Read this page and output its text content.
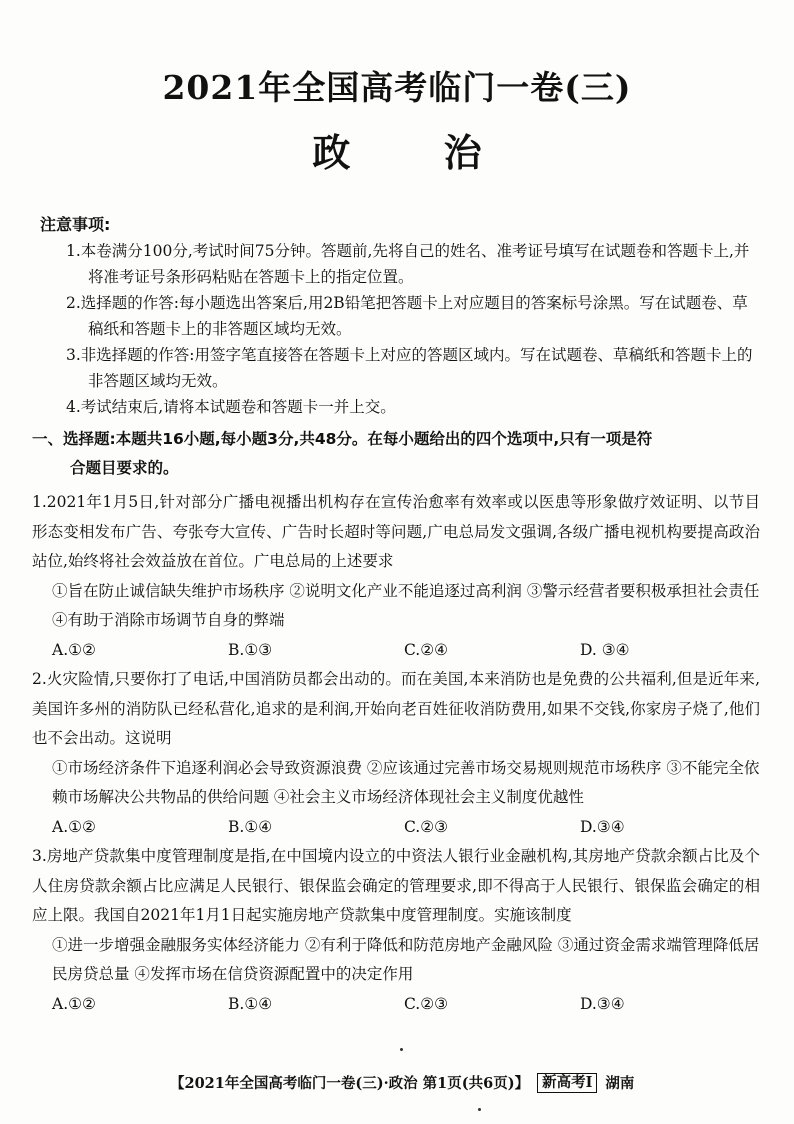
2021年全国高考临门一卷(三)
政 治
注意事项:
1.本卷满分100分,考试时间75分钟。答题前,先将自己的姓名、准考证号填写在试题卷和答题卡上,并将准考证号条形码粘贴在答题卡上的指定位置。
2.选择题的作答:每小题选出答案后,用2B铅笔把答题卡上对应题目的答案标号涂黑。写在试题卷、草稿纸和答题卡上的非答题区域均无效。
3.非选择题的作答:用签字笔直接答在答题卡上对应的答题区域内。写在试题卷、草稿纸和答题卡上的非答题区域均无效。
4.考试结束后,请将本试题卷和答题卡一并上交。
一、选择题:本题共16小题,每小题3分,共48分。在每小题给出的四个选项中,只有一项是符
合题目要求的。
1.2021年1月5日,针对部分广播电视播出机构存在宣传治愈率有效率或以医患等形象做疗效证明、以节目形态变相发布广告、夸张夸大宣传、广告时长超时等问题,广电总局发文强调,各级广播电视机构要提高政治站位,始终将社会效益放在首位。广电总局的上述要求
①旨在防止诚信缺失维护市场秩序 ②说明文化产业不能追逐过高利润 ③警示经营者要积极承担社会责任 ④有助于消除市场调节自身的弊端
A.①②	B.①③	C.②④	D. ③④
2.火灾险情,只要你打了电话,中国消防员都会出动的。而在美国,本来消防也是免费的公共福利,但是近年来,美国许多州的消防队已经私营化,追求的是利润,开始向老百姓征收消防费用,如果不交钱,你家房子烧了,他们也不会出动。这说明
①市场经济条件下追逐利润必会导致资源浪费 ②应该通过完善市场交易规则规范市场秩序 ③不能完全依赖市场解决公共物品的供给问题 ④社会主义市场经济体现社会主义制度优越性
A.①②	B.①④	C.②③	D.③④
3.房地产贷款集中度管理制度是指,在中国境内设立的中资法人银行业金融机构,其房地产贷款余额占比及个人住房贷款余额占比应满足人民银行、银保监会确定的管理要求,即不得高于人民银行、银保监会确定的相应上限。我国自2021年1月1日起实施房地产贷款集中度管理制度。实施该制度
①进一步增强金融服务实体经济能力 ②有利于降低和防范房地产金融风险 ③通过资金需求端管理降低居民房贷总量 ④发挥市场在信贷资源配置中的决定作用
A.①②	B.①④	C.②③	D.③④
【2021年全国高考临门一卷(三)·政治 第1页(共6页)】 新高考Ⅰ 湖南
